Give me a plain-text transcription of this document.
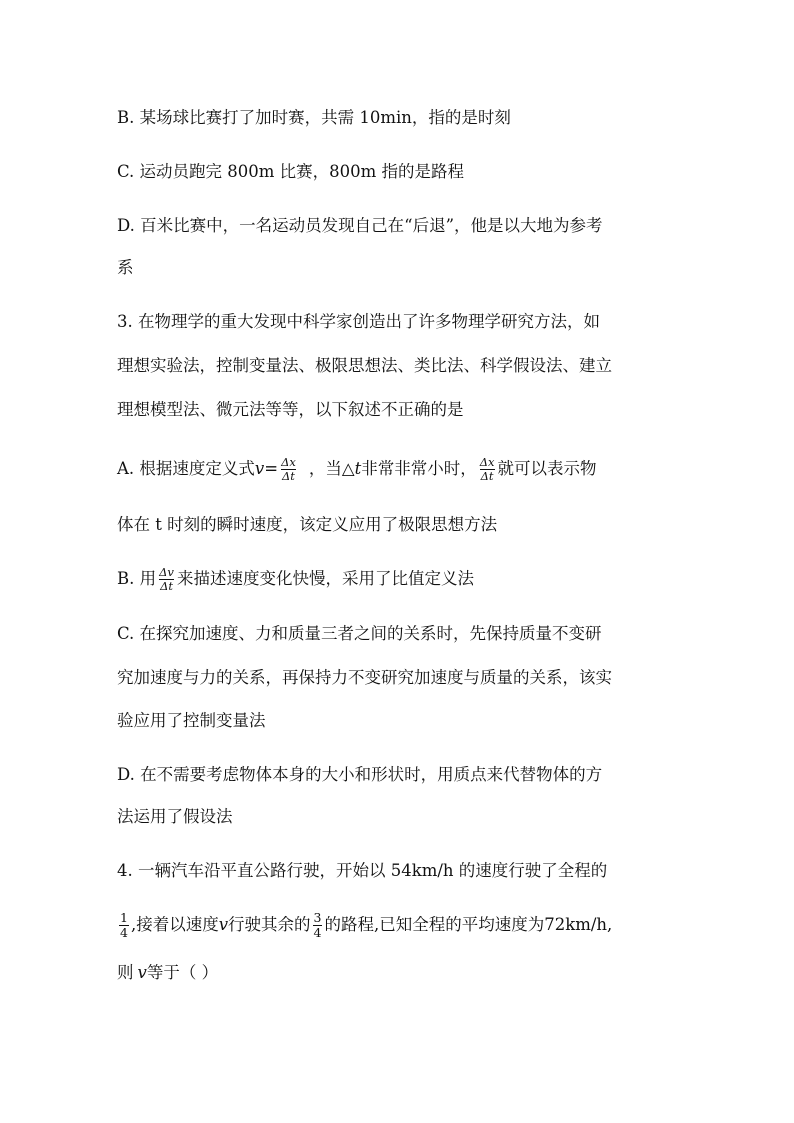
B. 某场球比赛打了加时赛，共需 10min，指的是时刻
C. 运动员跑完 800m 比赛，800m 指的是路程
D. 百米比赛中，一名运动员发现自己在“后退”，他是以大地为参考
系
3. 在物理学的重大发现中科学家创造出了许多物理学研究方法，如
理想实验法，控制变量法、极限思想法、类比法、科学假设法、建立
理想模型法、微元法等等，以下叙述不正确的是
A. 根据速度定义式$v= \frac{\Delta x}{\Delta t}$ ，当△t非常非常小时， $\frac{\Delta x}{\Delta t}$ 就可以表示物
体在 t 时刻的瞬时速度，该定义应用了极限思想方法
B. 用 $\frac{\Delta v}{\Delta t}$ 来描述速度变化快慢，采用了比值定义法
C. 在探究加速度、力和质量三者之间的关系时，先保持质量不变研
究加速度与力的关系，再保持力不变研究加速度与质量的关系，该实
验应用了控制变量法
D. 在不需要考虑物体本身的大小和形状时，用质点来代替物体的方
法运用了假设法
4. 一辆汽车沿平直公路行驶，开始以 54km/h 的速度行驶了全程的
$\frac{1}{4}$ ,接着以速度v行驶其余的 $\frac{3}{4}$ 的路程,已知全程的平均速度为72km/h,
则 v等于（ ）
